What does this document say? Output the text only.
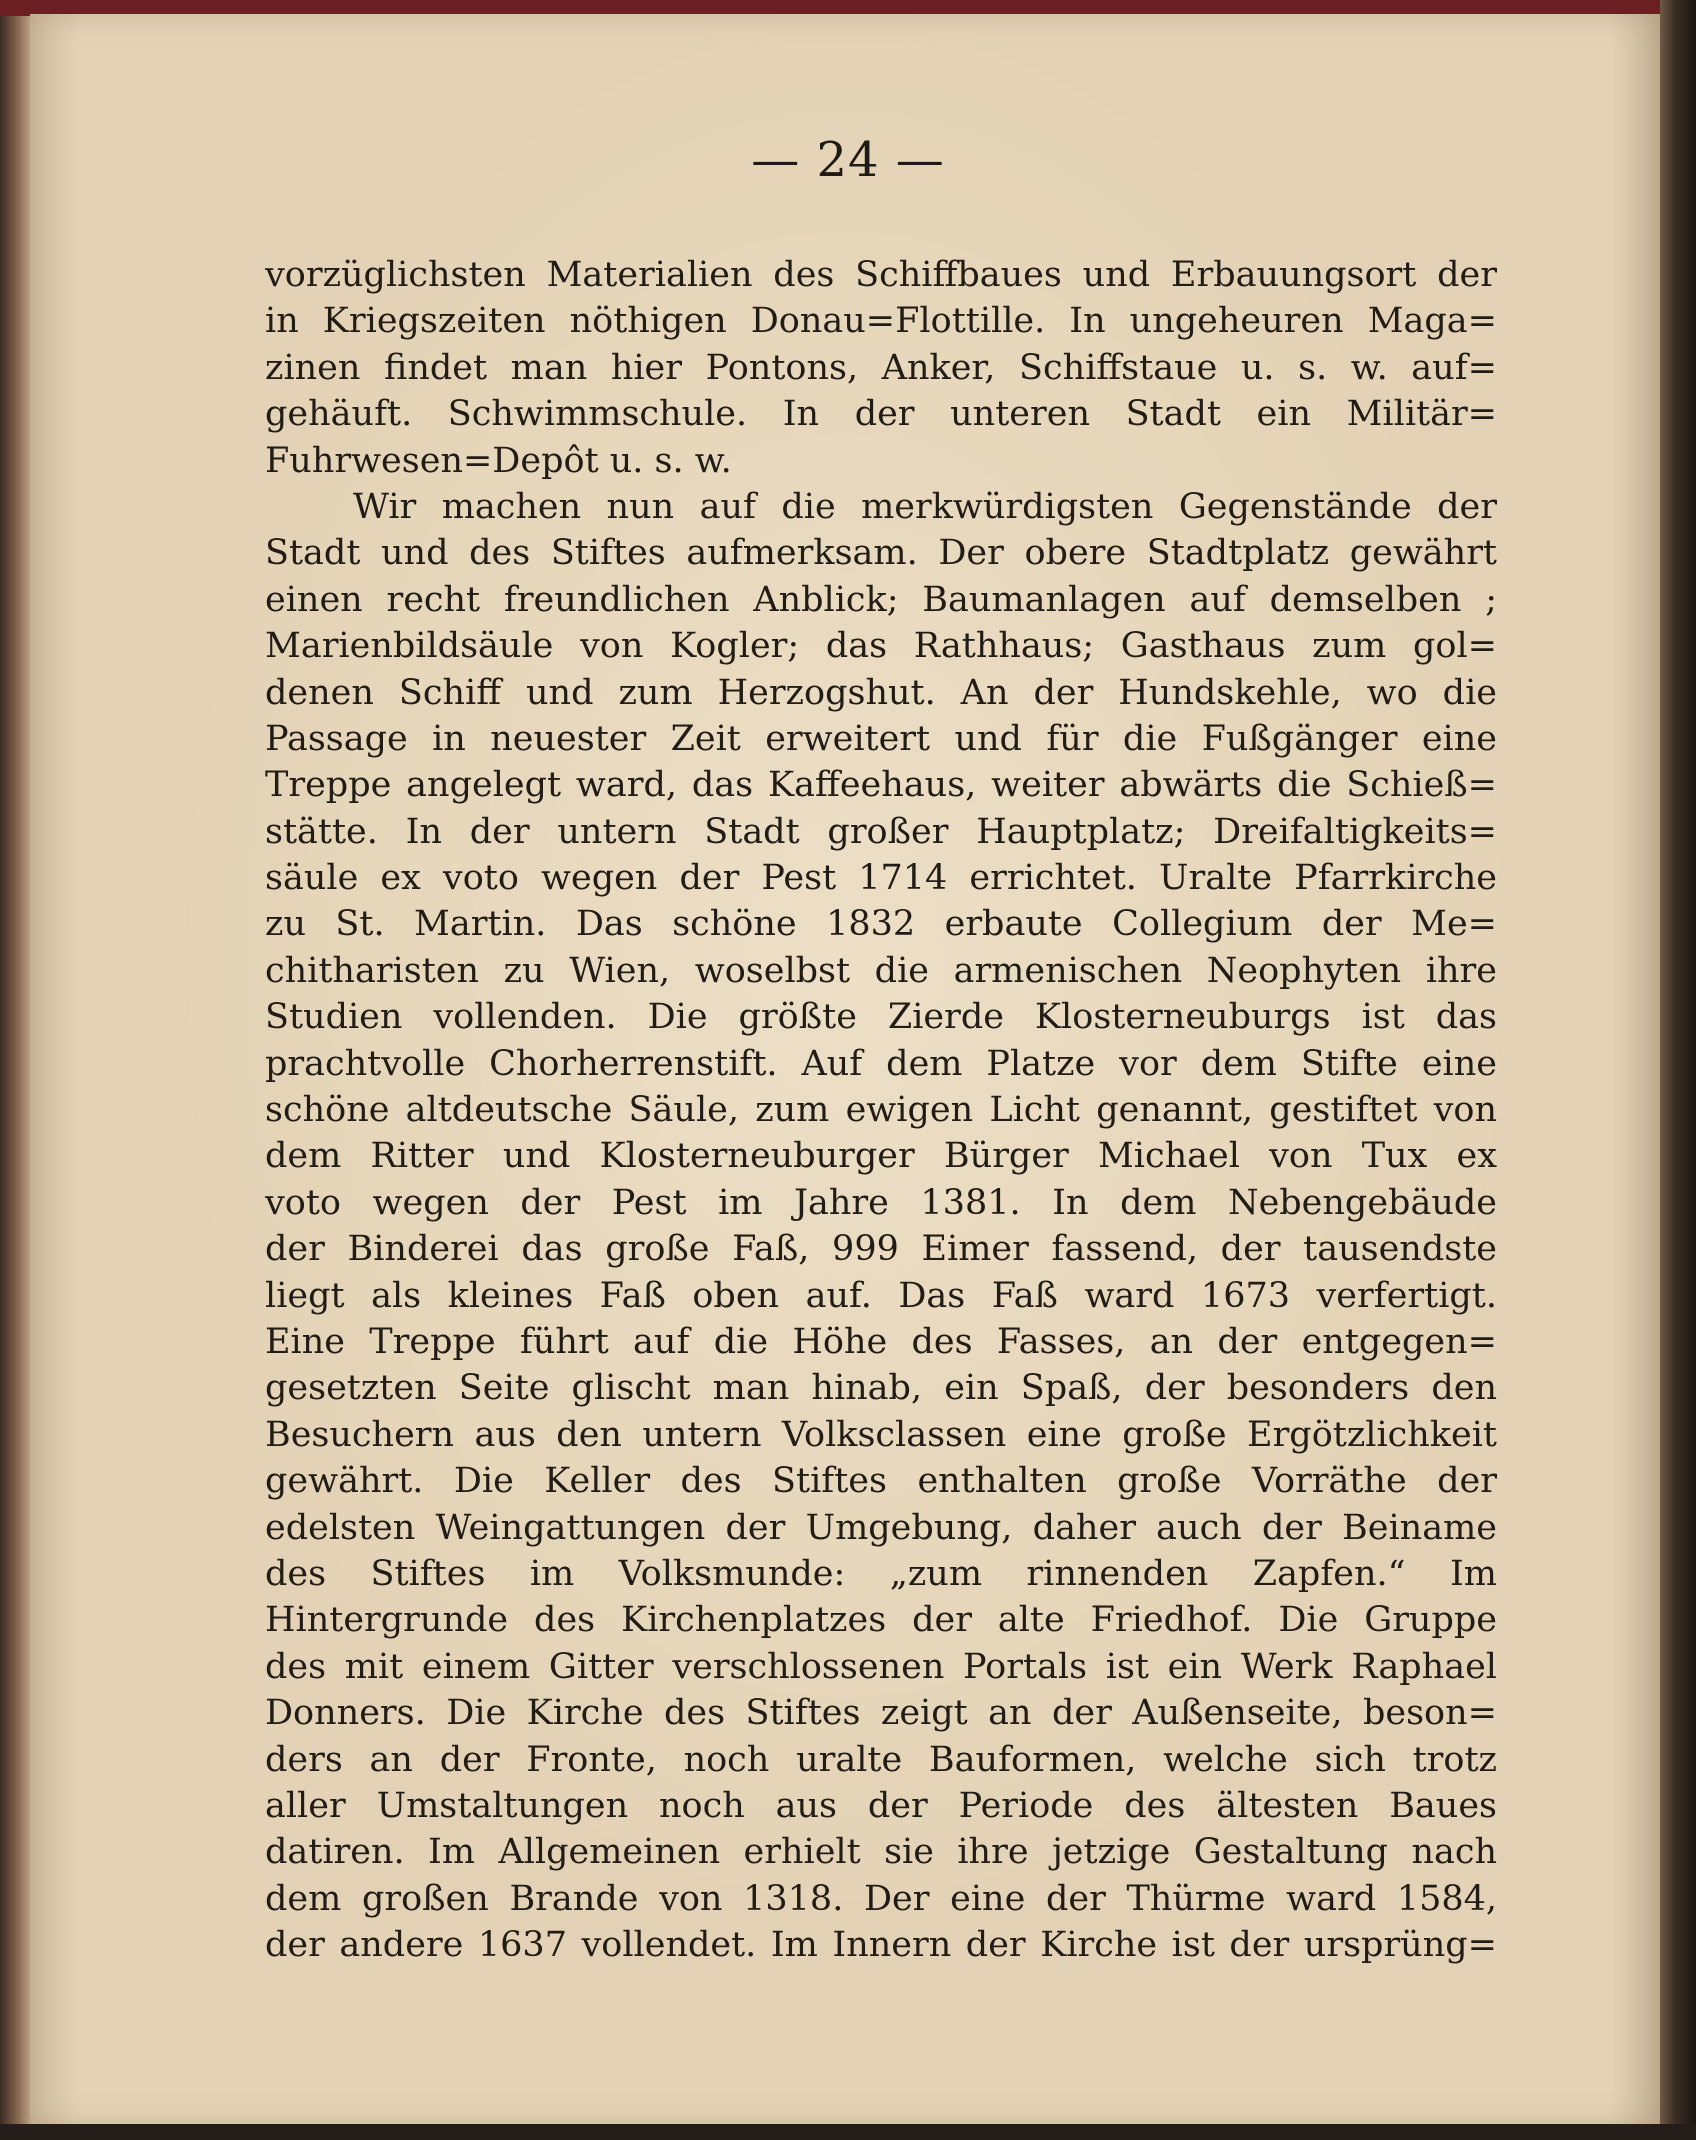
— 24 —
vorzüglichsten Materialien des Schiffbaues und Erbauungsort der
in Kriegszeiten nöthigen Donau=Flottille. In ungeheuren Maga=
zinen findet man hier Pontons, Anker, Schiffstaue u. s. w. auf=
gehäuft. Schwimmschule. In der unteren Stadt ein Militär=
Fuhrwesen=Depôt u. s. w.
Wir machen nun auf die merkwürdigsten Gegenstände der
Stadt und des Stiftes aufmerksam. Der obere Stadtplatz gewährt
einen recht freundlichen Anblick; Baumanlagen auf demselben ;
Marienbildsäule von Kogler; das Rathhaus; Gasthaus zum gol=
denen Schiff und zum Herzogshut. An der Hundskehle, wo die
Passage in neuester Zeit erweitert und für die Fußgänger eine
Treppe angelegt ward, das Kaffeehaus, weiter abwärts die Schieß=
stätte. In der untern Stadt großer Hauptplatz; Dreifaltigkeits=
säule ex voto wegen der Pest 1714 errichtet. Uralte Pfarrkirche
zu St. Martin. Das schöne 1832 erbaute Collegium der Me=
chitharisten zu Wien, woselbst die armenischen Neophyten ihre
Studien vollenden. Die größte Zierde Klosterneuburgs ist das
prachtvolle Chorherrenstift. Auf dem Platze vor dem Stifte eine
schöne altdeutsche Säule, zum ewigen Licht genannt, gestiftet von
dem Ritter und Klosterneuburger Bürger Michael von Tux ex
voto wegen der Pest im Jahre 1381. In dem Nebengebäude
der Binderei das große Faß, 999 Eimer fassend, der tausendste
liegt als kleines Faß oben auf. Das Faß ward 1673 verfertigt.
Eine Treppe führt auf die Höhe des Fasses, an der entgegen=
gesetzten Seite glischt man hinab, ein Spaß, der besonders den
Besuchern aus den untern Volksclassen eine große Ergötzlichkeit
gewährt. Die Keller des Stiftes enthalten große Vorräthe der
edelsten Weingattungen der Umgebung, daher auch der Beiname
des Stiftes im Volksmunde: „zum rinnenden Zapfen.“ Im
Hintergrunde des Kirchenplatzes der alte Friedhof. Die Gruppe
des mit einem Gitter verschlossenen Portals ist ein Werk Raphael
Donners. Die Kirche des Stiftes zeigt an der Außenseite, beson=
ders an der Fronte, noch uralte Bauformen, welche sich trotz
aller Umstaltungen noch aus der Periode des ältesten Baues
datiren. Im Allgemeinen erhielt sie ihre jetzige Gestaltung nach
dem großen Brande von 1318. Der eine der Thürme ward 1584,
der andere 1637 vollendet. Im Innern der Kirche ist der ursprüng=
